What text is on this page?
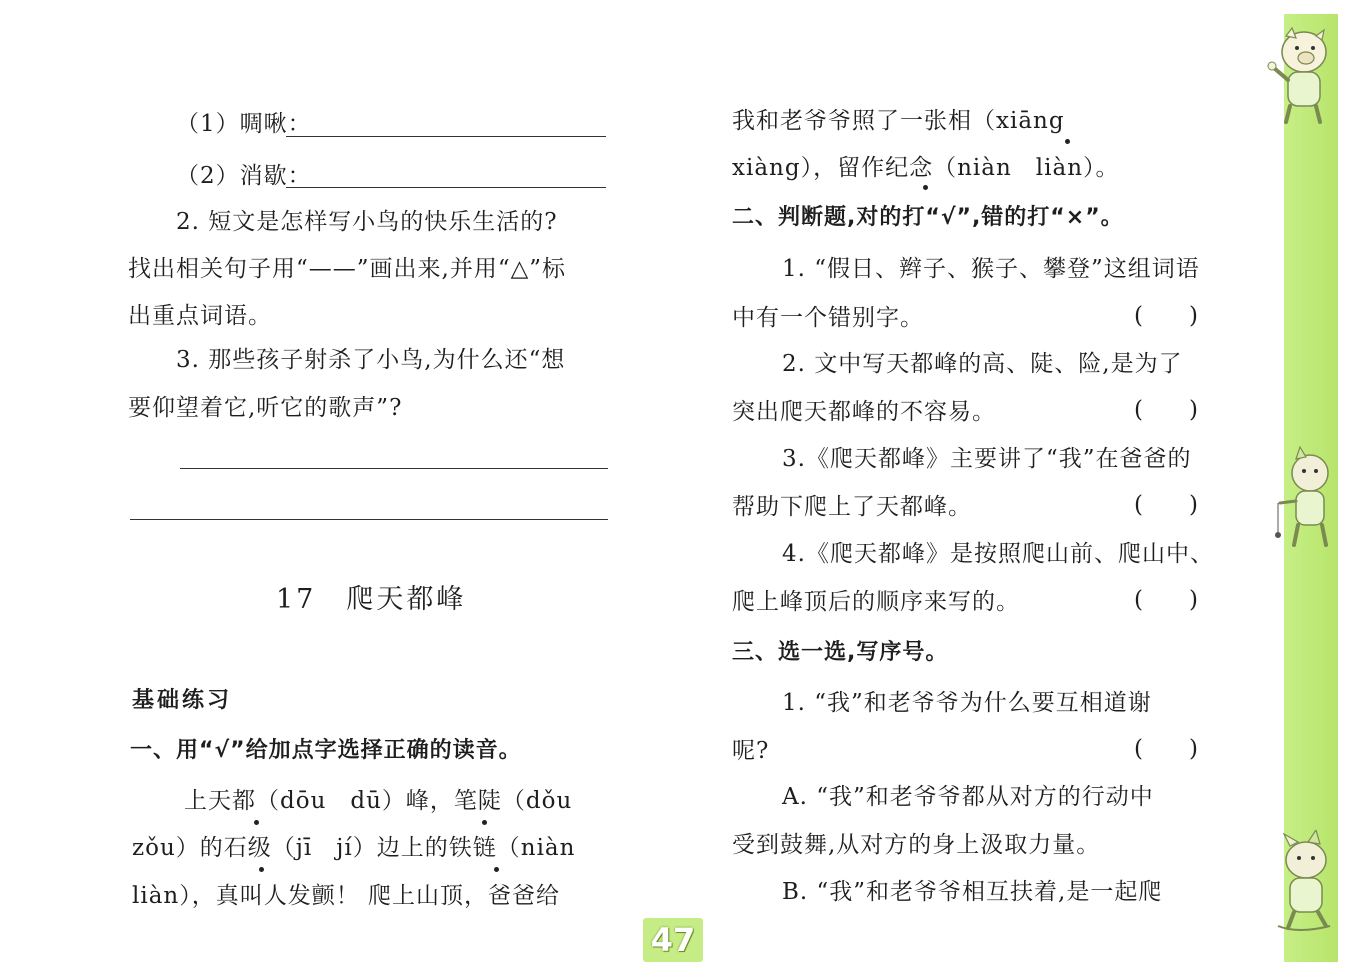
（1）啁啾：
（2）消歇：
2. 短文是怎样写小鸟的快乐生活的?
找出相关句子用“——”画出来,并用“△”标
出重点词语。
3. 那些孩子射杀了小鸟,为什么还“想
要仰望着它,听它的歌声”?
17　爬天都峰
基础练习
一、用“√”给加点字选择正确的读音。
上天都（dōu　dū）峰，笔陡（dǒu
zǒu）的石级（jī　jí）边上的铁链（niàn
liàn），真叫人发颤！ 爬上山顶，爸爸给
我和老爷爷照了一张相（xiāng
xiàng），留作纪念（niàn　liàn）。
二、判断题,对的打“√”,错的打“×”。
1. “假日、辫子、猴子、攀登”这组词语
中有一个错别字。	(　　)
2. 文中写天都峰的高、陡、险,是为了
突出爬天都峰的不容易。	(　　)
3.《爬天都峰》主要讲了“我”在爸爸的
帮助下爬上了天都峰。	(　　)
4.《爬天都峰》是按照爬山前、爬山中、
爬上峰顶后的顺序来写的。	(　　)
三、选一选,写序号。
1. “我”和老爷爷为什么要互相道谢
呢?	(　　)
A. “我”和老爷爷都从对方的行动中
受到鼓舞,从对方的身上汲取力量。
B. “我”和老爷爷相互扶着,是一起爬
47
